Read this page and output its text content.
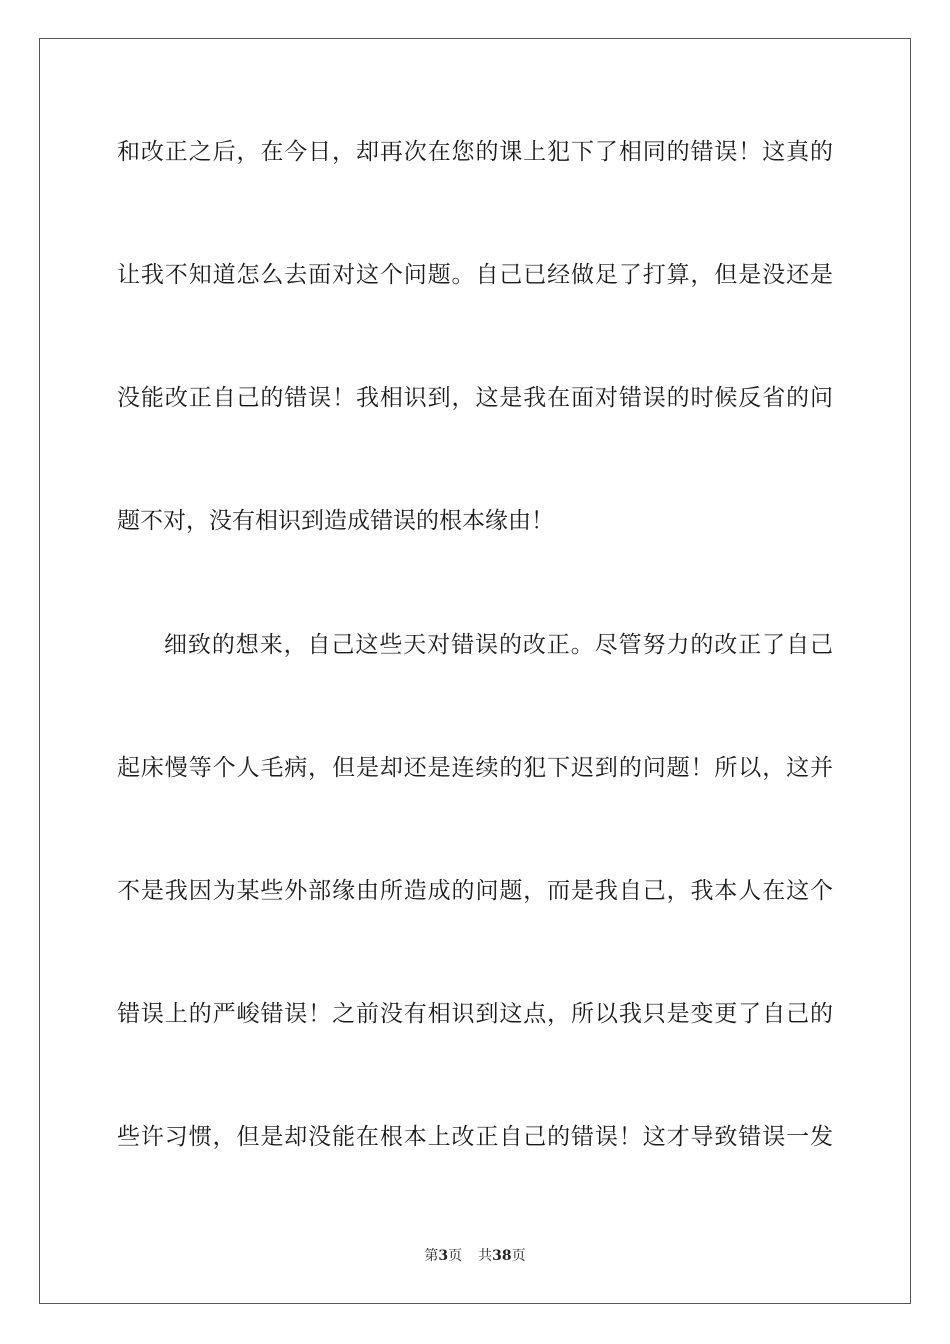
和改正之后，在今日，却再次在您的课上犯下了相同的错误！这真的
让我不知道怎么去面对这个问题。自己已经做足了打算，但是没还是
没能改正自己的错误！我相识到，这是我在面对错误的时候反省的问
题不对，没有相识到造成错误的根本缘由！
细致的想来，自己这些天对错误的改正。尽管努力的改正了自己
起床慢等个人毛病，但是却还是连续的犯下迟到的问题！所以，这并
不是我因为某些外部缘由所造成的问题，而是我自己，我本人在这个
错误上的严峻错误！之前没有相识到这点，所以我只是变更了自己的
些许习惯，但是却没能在根本上改正自己的错误！这才导致错误一发
第3页 共38页
